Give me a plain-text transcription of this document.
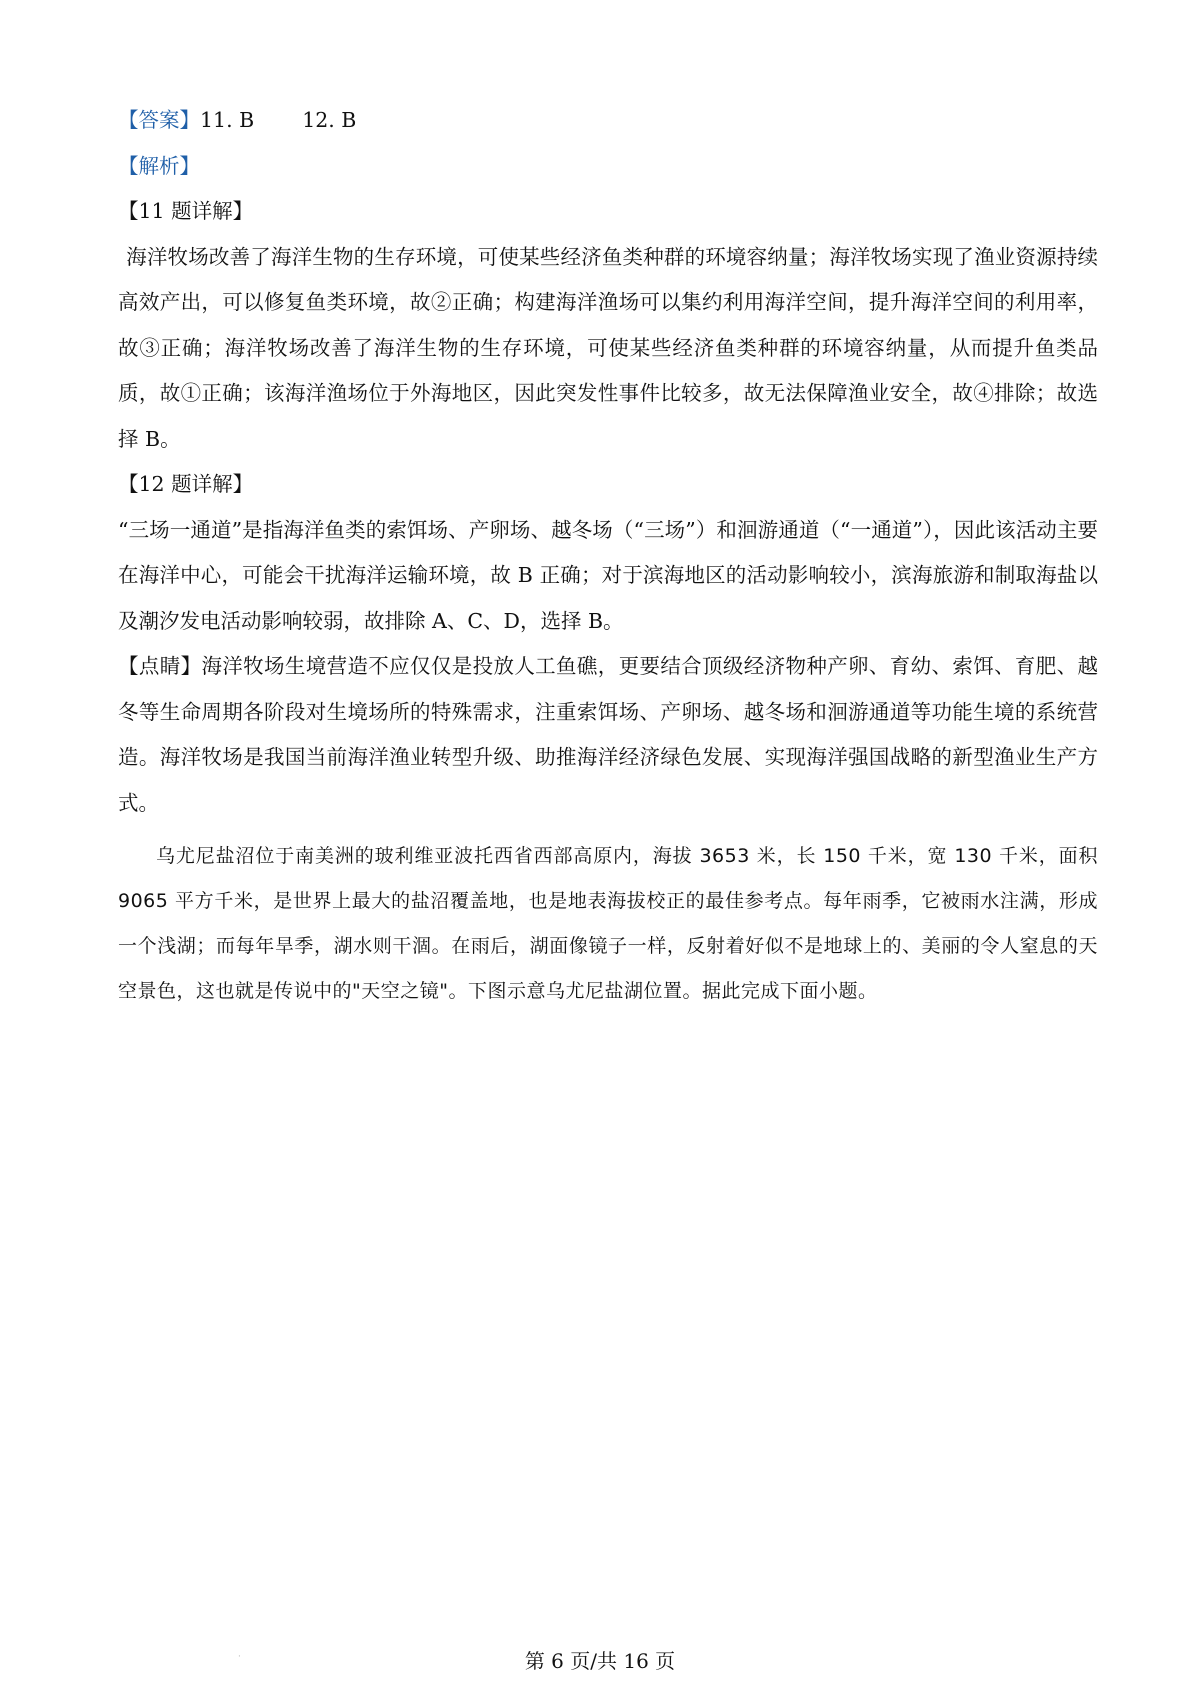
【答案】11. B 12. B

【解析】

【11 题详解】

海洋牧场改善了海洋生物的生存环境，可使某些经济鱼类种群的环境容纳量；海洋牧场实现了渔业资源持续高效产出，可以修复鱼类环境，故②正确；构建海洋渔场可以集约利用海洋空间，提升海洋空间的利用率，故③正确；海洋牧场改善了海洋生物的生存环境，可使某些经济鱼类种群的环境容纳量，从而提升鱼类品质，故①正确；该海洋渔场位于外海地区，因此突发性事件比较多，故无法保障渔业安全，故④排除；故选择 B。

【12 题详解】

“三场一通道”是指海洋鱼类的索饵场、产卵场、越冬场（“三场”）和洄游通道（“一通道”），因此该活动主要在海洋中心，可能会干扰海洋运输环境，故 B 正确；对于滨海地区的活动影响较小，滨海旅游和制取海盐以及潮汐发电活动影响较弱，故排除 A、C、D，选择 B。

【点睛】海洋牧场生境营造不应仅仅是投放人工鱼礁，更要结合顶级经济物种产卵、育幼、索饵、育肥、越冬等生命周期各阶段对生境场所的特殊需求，注重索饵场、产卵场、越冬场和洄游通道等功能生境的系统营造。海洋牧场是我国当前海洋渔业转型升级、助推海洋经济绿色发展、实现海洋强国战略的新型渔业生产方式。

乌尤尼盐沼位于南美洲的玻利维亚波托西省西部高原内，海拔 3653 米，长 150 千米，宽 130 千米，面积 9065 平方千米，是世界上最大的盐沼覆盖地，也是地表海拔校正的最佳参考点。每年雨季，它被雨水注满，形成一个浅湖；而每年旱季，湖水则干涸。在雨后，湖面像镜子一样，反射着好似不是地球上的、美丽的令人窒息的天空景色，这也就是传说中的"天空之镜"。下图示意乌尤尼盐湖位置。据此完成下面小题。

·	第 6 页/共 16 页
